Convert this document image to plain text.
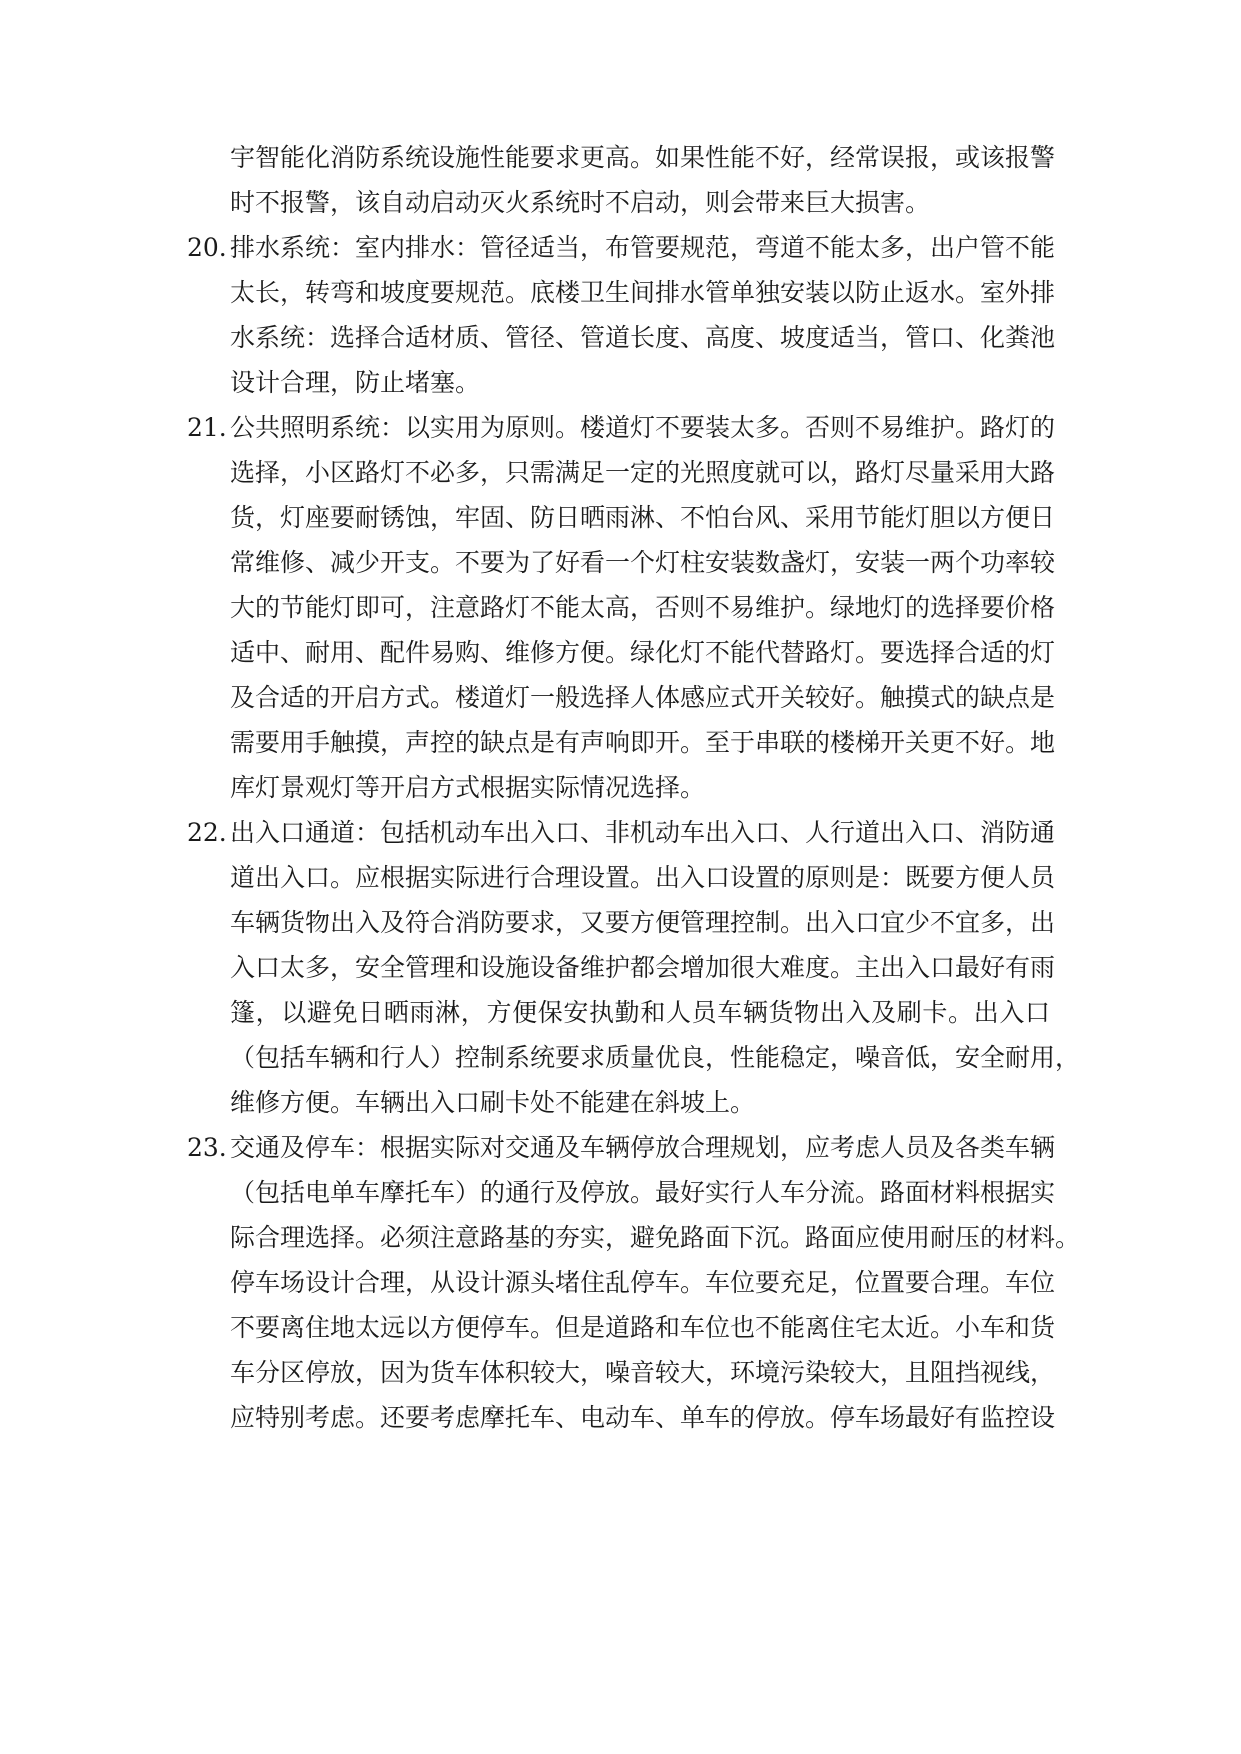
宇智能化消防系统设施性能要求更高。如果性能不好，经常误报，或该报警
时不报警，该自动启动灭火系统时不启动，则会带来巨大损害。
20. 排水系统：室内排水：管径适当，布管要规范，弯道不能太多，出户管不能
太长，转弯和坡度要规范。底楼卫生间排水管单独安装以防止返水。室外排
水系统：选择合适材质、管径、管道长度、高度、坡度适当，管口、化粪池
设计合理，防止堵塞。
21. 公共照明系统：以实用为原则。楼道灯不要装太多。否则不易维护。路灯的
选择，小区路灯不必多，只需满足一定的光照度就可以，路灯尽量采用大路
货，灯座要耐锈蚀，牢固、防日晒雨淋、不怕台风、采用节能灯胆以方便日
常维修、减少开支。不要为了好看一个灯柱安装数盏灯，安装一两个功率较
大的节能灯即可，注意路灯不能太高，否则不易维护。绿地灯的选择要价格
适中、耐用、配件易购、维修方便。绿化灯不能代替路灯。要选择合适的灯
及合适的开启方式。楼道灯一般选择人体感应式开关较好。触摸式的缺点是
需要用手触摸，声控的缺点是有声响即开。至于串联的楼梯开关更不好。地
库灯景观灯等开启方式根据实际情况选择。
22. 出入口通道：包括机动车出入口、非机动车出入口、人行道出入口、消防通
道出入口。应根据实际进行合理设置。出入口设置的原则是：既要方便人员
车辆货物出入及符合消防要求，又要方便管理控制。出入口宜少不宜多，出
入口太多，安全管理和设施设备维护都会增加很大难度。主出入口最好有雨
篷，以避免日晒雨淋，方便保安执勤和人员车辆货物出入及刷卡。出入口
（包括车辆和行人）控制系统要求质量优良，性能稳定，噪音低，安全耐用，
维修方便。车辆出入口刷卡处不能建在斜坡上。
23. 交通及停车：根据实际对交通及车辆停放合理规划，应考虑人员及各类车辆
（包括电单车摩托车）的通行及停放。最好实行人车分流。路面材料根据实
际合理选择。必须注意路基的夯实，避免路面下沉。路面应使用耐压的材料。
停车场设计合理，从设计源头堵住乱停车。车位要充足，位置要合理。车位
不要离住地太远以方便停车。但是道路和车位也不能离住宅太近。小车和货
车分区停放，因为货车体积较大，噪音较大，环境污染较大，且阻挡视线，
应特别考虑。还要考虑摩托车、电动车、单车的停放。停车场最好有监控设
